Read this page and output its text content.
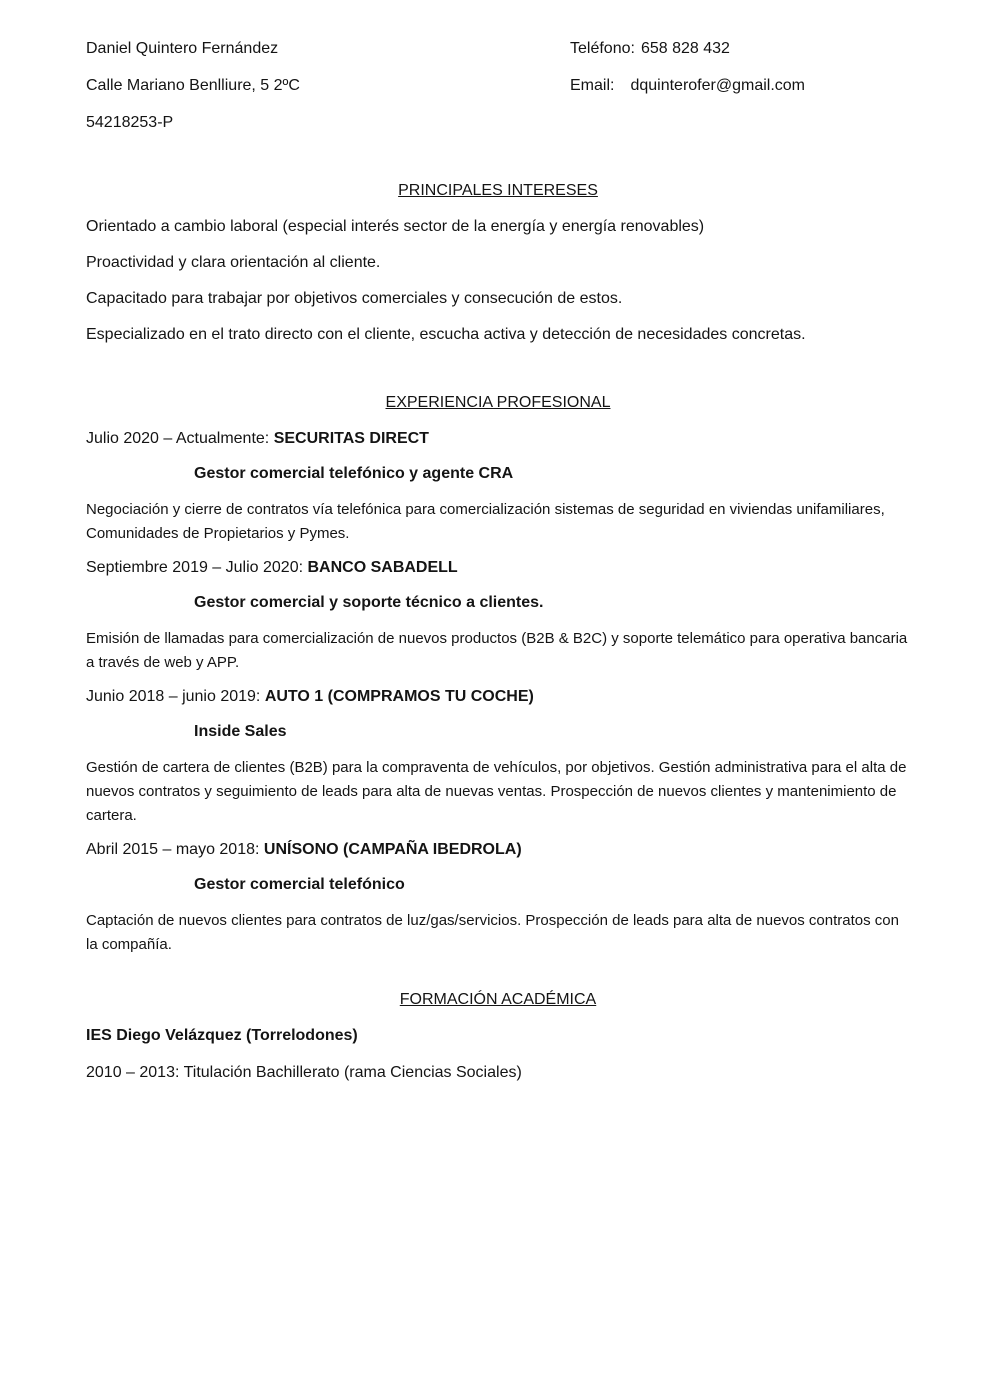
Daniel Quintero Fernández	Teléfono: 658 828 432
Calle Mariano Benlliure, 5 2ºC	Email: dquinterofer@gmail.com
54218253-P
PRINCIPALES INTERESES

Orientado a cambio laboral (especial interés sector de la energía y energía renovables)

Proactividad y clara orientación al cliente.

Capacitado para trabajar por objetivos comerciales y consecución de estos.

Especializado en el trato directo con el cliente, escucha activa y detección de necesidades concretas.

EXPERIENCIA PROFESIONAL

Julio 2020 – Actualmente: SECURITAS DIRECT

Gestor comercial telefónico y agente CRA

Negociación y cierre de contratos vía telefónica para comercialización sistemas de seguridad en viviendas unifamiliares, Comunidades de Propietarios y Pymes.

Septiembre 2019 – Julio 2020: BANCO SABADELL

Gestor comercial y soporte técnico a clientes.

Emisión de llamadas para comercialización de nuevos productos (B2B & B2C) y soporte telemático para operativa bancaria a través de web y APP.

Junio 2018 – junio 2019: AUTO 1 (COMPRAMOS TU COCHE)

Inside Sales

Gestión de cartera de clientes (B2B) para la compraventa de vehículos, por objetivos. Gestión administrativa para el alta de nuevos contratos y seguimiento de leads para alta de nuevas ventas. Prospección de nuevos clientes y mantenimiento de cartera.

Abril 2015 – mayo 2018: UNÍSONO (CAMPAÑA IBEDROLA)

Gestor comercial telefónico

Captación de nuevos clientes para contratos de luz/gas/servicios. Prospección de leads para alta de nuevos contratos con la compañía.

FORMACIÓN ACADÉMICA

IES Diego Velázquez (Torrelodones)

2010 – 2013: Titulación Bachillerato (rama Ciencias Sociales)
